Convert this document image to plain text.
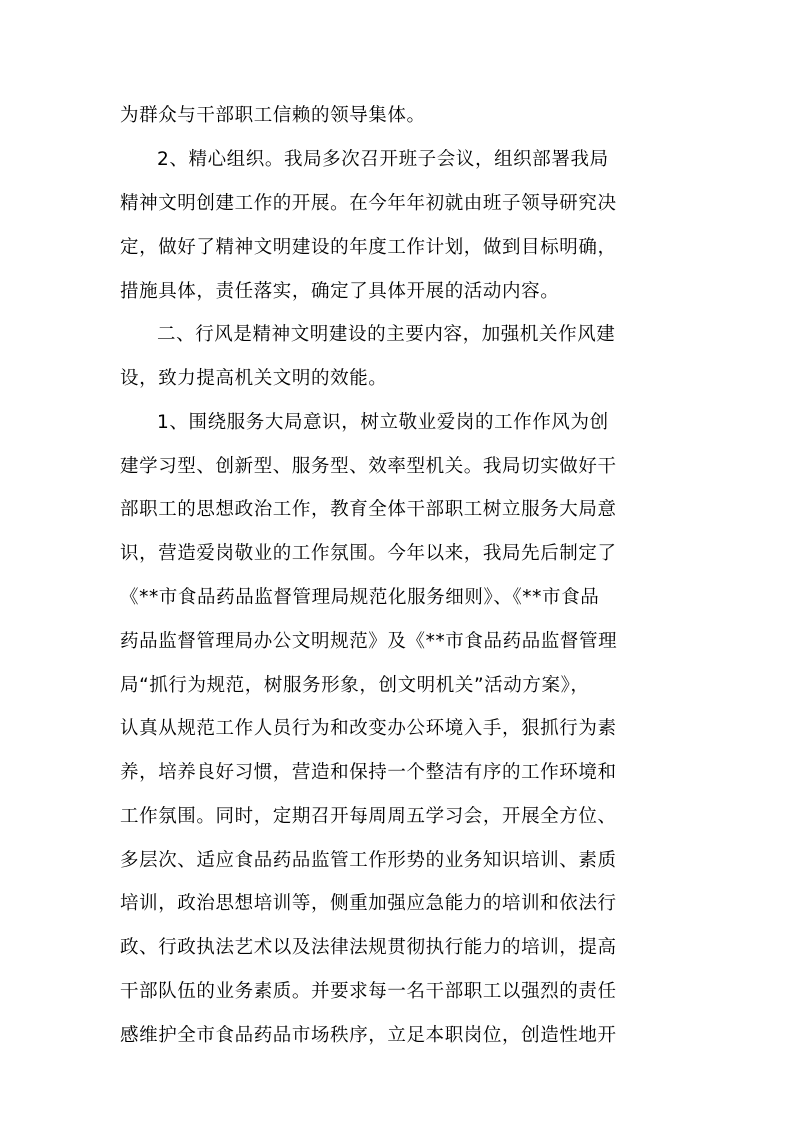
为群众与干部职工信赖的领导集体。
2、精心组织。我局多次召开班子会议，组织部署我局
精神文明创建工作的开展。在今年年初就由班子领导研究决
定，做好了精神文明建设的年度工作计划，做到目标明确，
措施具体，责任落实，确定了具体开展的活动内容。
二、行风是精神文明建设的主要内容，加强机关作风建
设，致力提高机关文明的效能。
1、围绕服务大局意识，树立敬业爱岗的工作作风为创
建学习型、创新型、服务型、效率型机关。我局切实做好干
部职工的思想政治工作，教育全体干部职工树立服务大局意
识，营造爱岗敬业的工作氛围。今年以来，我局先后制定了
《**市食品药品监督管理局规范化服务细则》、《**市食品
药品监督管理局办公文明规范》及《**市食品药品监督管理
局“抓行为规范，树服务形象，创文明机关”活动方案》，
认真从规范工作人员行为和改变办公环境入手，狠抓行为素
养，培养良好习惯，营造和保持一个整洁有序的工作环境和
工作氛围。同时，定期召开每周周五学习会，开展全方位、
多层次、适应食品药品监管工作形势的业务知识培训、素质
培训，政治思想培训等，侧重加强应急能力的培训和依法行
政、行政执法艺术以及法律法规贯彻执行能力的培训，提高
干部队伍的业务素质。并要求每一名干部职工以强烈的责任
感维护全市食品药品市场秩序，立足本职岗位，创造性地开
